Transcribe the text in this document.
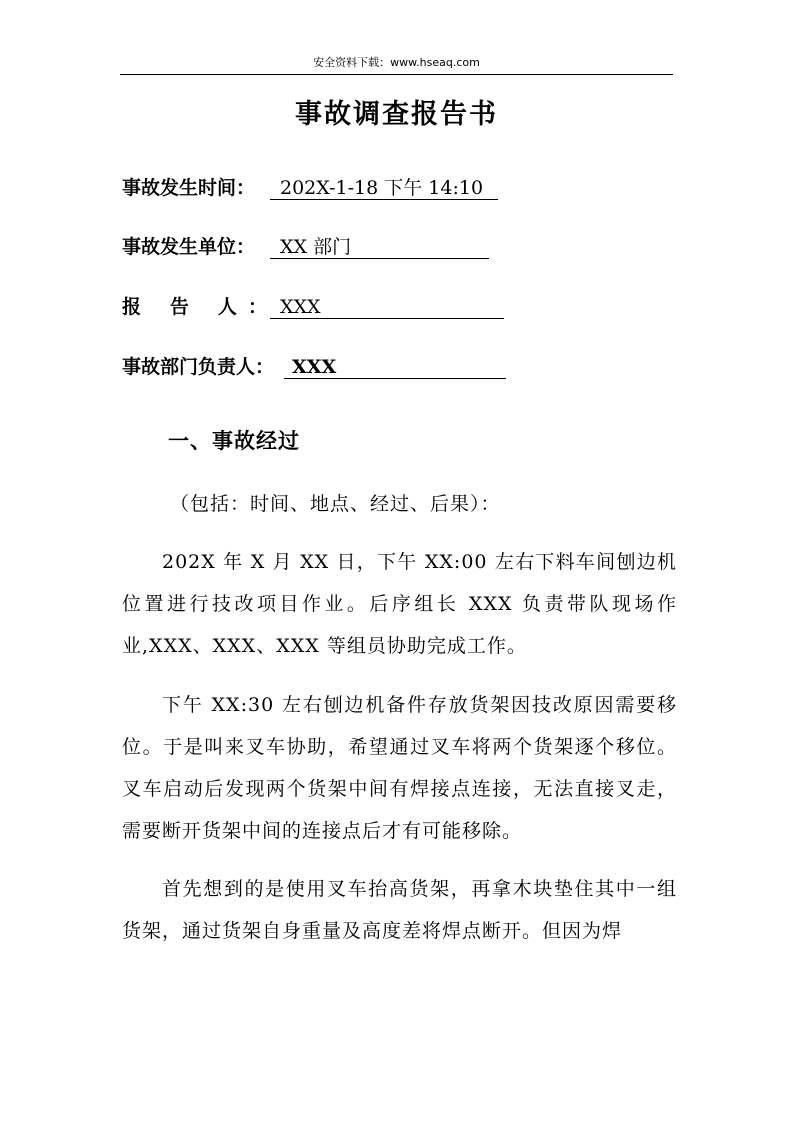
安全资料下载：www.hseaq.com
事故调查报告书
事故发生时间：	202X-1-18 下午 14:10
事故发生单位：	XX 部门
报 告 人： XXX
事故部门负责人： XXX
一、事故经过
（包括：时间、地点、经过、后果）：
202X 年 X 月 XX 日，下午 XX:00 左右下料车间刨边机位置进行技改项目作业。后序组长 XXX 负责带队现场作业,XXX、XXX、XXX 等组员协助完成工作。
下午 XX:30 左右刨边机备件存放货架因技改原因需要移位。于是叫来叉车协助，希望通过叉车将两个货架逐个移位。叉车启动后发现两个货架中间有焊接点连接，无法直接叉走，需要断开货架中间的连接点后才有可能移除。
首先想到的是使用叉车抬高货架，再拿木块垫住其中一组货架，通过货架自身重量及高度差将焊点断开。但因为焊
